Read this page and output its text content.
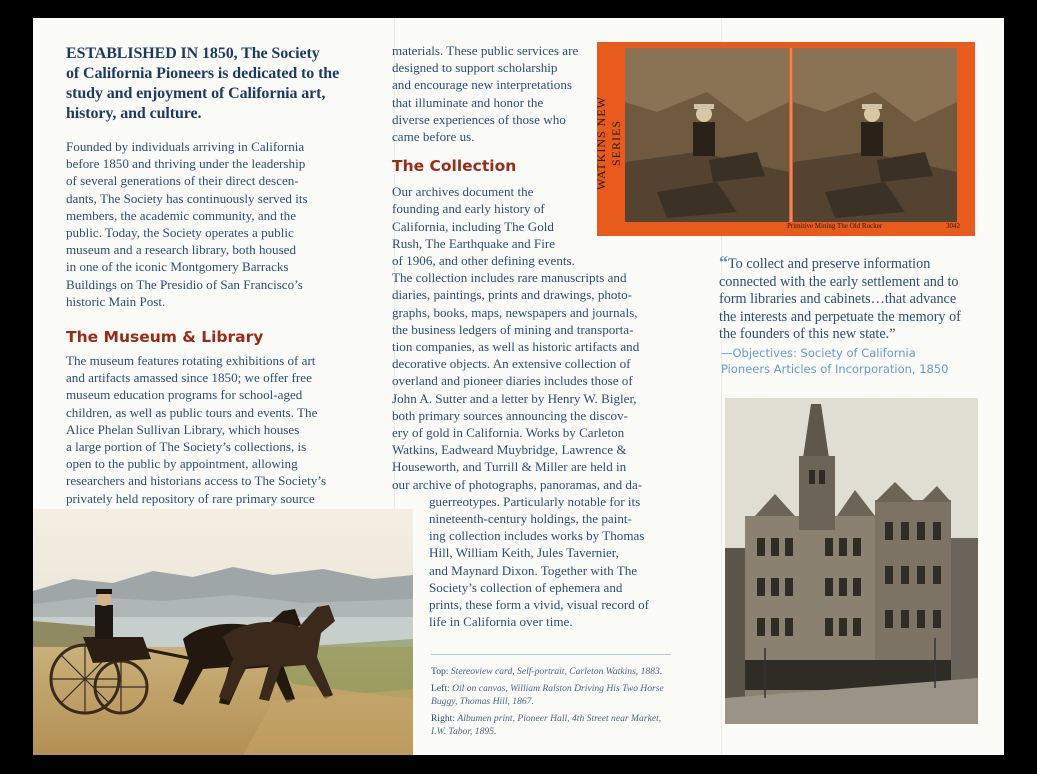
ESTABLISHED IN 1850, The Society
of California Pioneers is dedicated to the
study and enjoyment of California art,
history, and culture.
Founded by individuals arriving in California
before 1850 and thriving under the leadership
of several generations of their direct descen-
dants, The Society has continuously served its
members, the academic community, and the
public. Today, the Society operates a public
museum and a research library, both housed
in one of the iconic Montgomery Barracks
Buildings on The Presidio of San Francisco’s
historic Main Post.
The Museum & Library
The museum features rotating exhibitions of art
and artifacts amassed since 1850; we offer free
museum education programs for school-aged
children, as well as public tours and events. The
Alice Phelan Sullivan Library, which houses
a large portion of The Society’s collections, is
open to the public by appointment, allowing
researchers and historians access to The Society’s
privately held repository of rare primary source
materials. These public services are
designed to support scholarship
and encourage new interpretations
that illuminate and honor the
diverse experiences of those who
came before us.
The Collection
Our archives document the
founding and early history of
California, including The Gold
Rush, The Earthquake and Fire
of 1906, and other defining events.
The collection includes rare manuscripts and
diaries, paintings, prints and drawings, photo-
graphs, books, maps, newspapers and journals,
the business ledgers of mining and transporta-
tion companies, as well as historic artifacts and
decorative objects. An extensive collection of
overland and pioneer diaries includes those of
John A. Sutter and a letter by Henry W. Bigler,
both primary sources announcing the discov-
ery of gold in California. Works by Carleton
Watkins, Eadweard Muybridge, Lawrence &
Houseworth, and Turrill & Miller are held in
our archive of photographs, panoramas, and da-
guerreotypes. Particularly notable for its
nineteenth-century holdings, the paint-
ing collection includes works by Thomas
Hill, William Keith, Jules Tavernier,
and Maynard Dixon. Together with The
Society’s collection of ephemera and
prints, these form a vivid, visual record of
life in California over time.
Top: Stereoview card, Self-portrait, Carleton Watkins, 1883.
Left: Oil on canvas, William Ralston Driving His Two Horse Buggy, Thomas Hill, 1867.
Right: Albumen print, Pioneer Hall, 4th Street near Market, I.W. Tabor, 1895.
WATKINS NEW SERIES
Primitive Mining The Old Rocker	3042
“To collect and preserve information
connected with the early settlement and to
form libraries and cabinets…that advance
the interests and perpetuate the memory of
the founders of this new state.”
—Objectives: Society of California
Pioneers Articles of Incorporation, 1850
